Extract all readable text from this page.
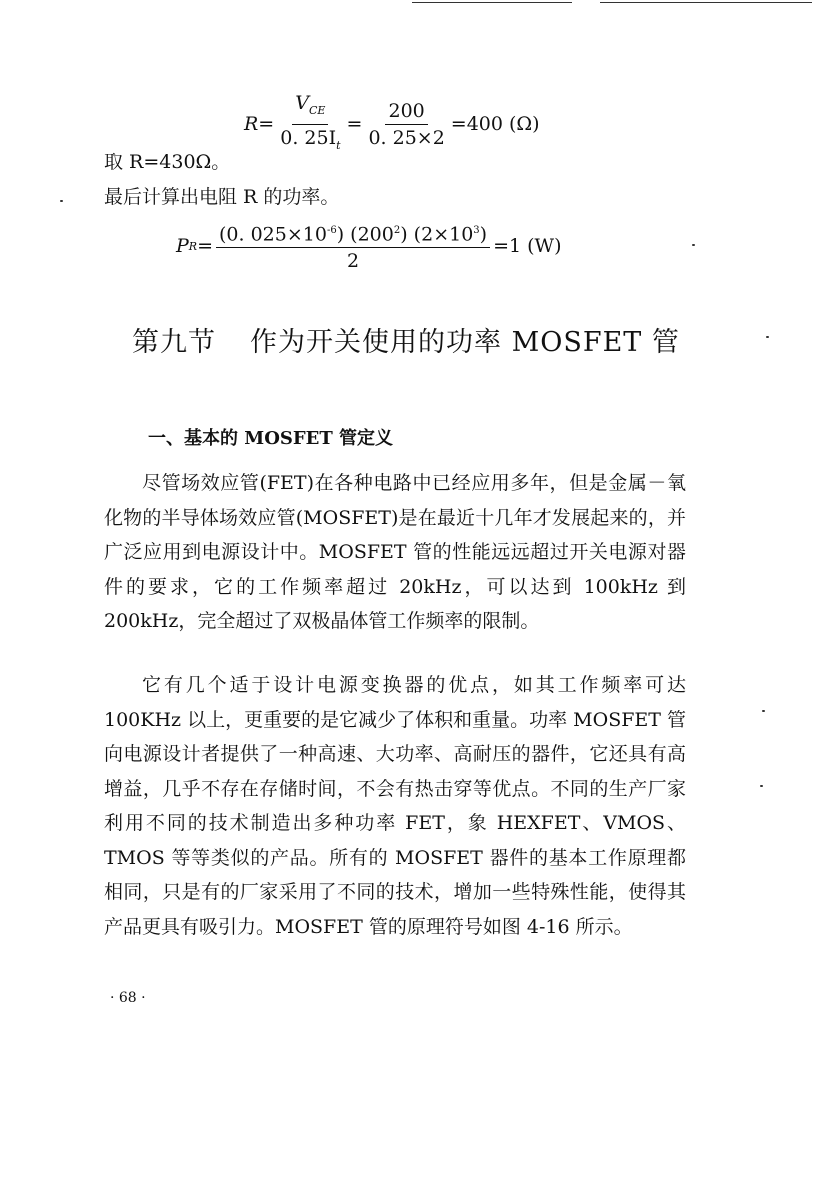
$R= \frac{V_{CE}}{0. 25I_t} = \frac{200}{0. 25\times 2} =400$ (Ω)
取 R=430Ω。
最后计算出电阻 R 的功率。
P $R = \frac{(0. 025\times 10^{-6}) (200^2) (2\times 10^3)}{2} =1$ (W)
第九节 作为开关使用的功率 MOSFET 管
一、基本的 MOSFET 管定义

尽管场效应管(FET)在各种电路中已经应用多年，但是金属－氧化物的半导体场效应管(MOSFET)是在最近十几年才发展起来的，并广泛应用到电源设计中。MOSFET 管的性能远远超过开关电源对器件的要求，它的工作频率超过 20kHz，可以达到 100kHz 到 200kHz，完全超过了双极晶体管工作频率的限制。

它有几个适于设计电源变换器的优点，如其工作频率可达 100KHz 以上，更重要的是它减少了体积和重量。功率 MOSFET 管向电源设计者提供了一种高速、大功率、高耐压的器件，它还具有高增益，几乎不存在存储时间，不会有热击穿等优点。不同的生产厂家利用不同的技术制造出多种功率 FET，象 HEXFET、VMOS、TMOS 等等类似的产品。所有的 MOSFET 器件的基本工作原理都相同，只是有的厂家采用了不同的技术，增加一些特殊性能，使得其产品更具有吸引力。MOSFET 管的原理符号如图 4-16 所示。

· 68 ·
